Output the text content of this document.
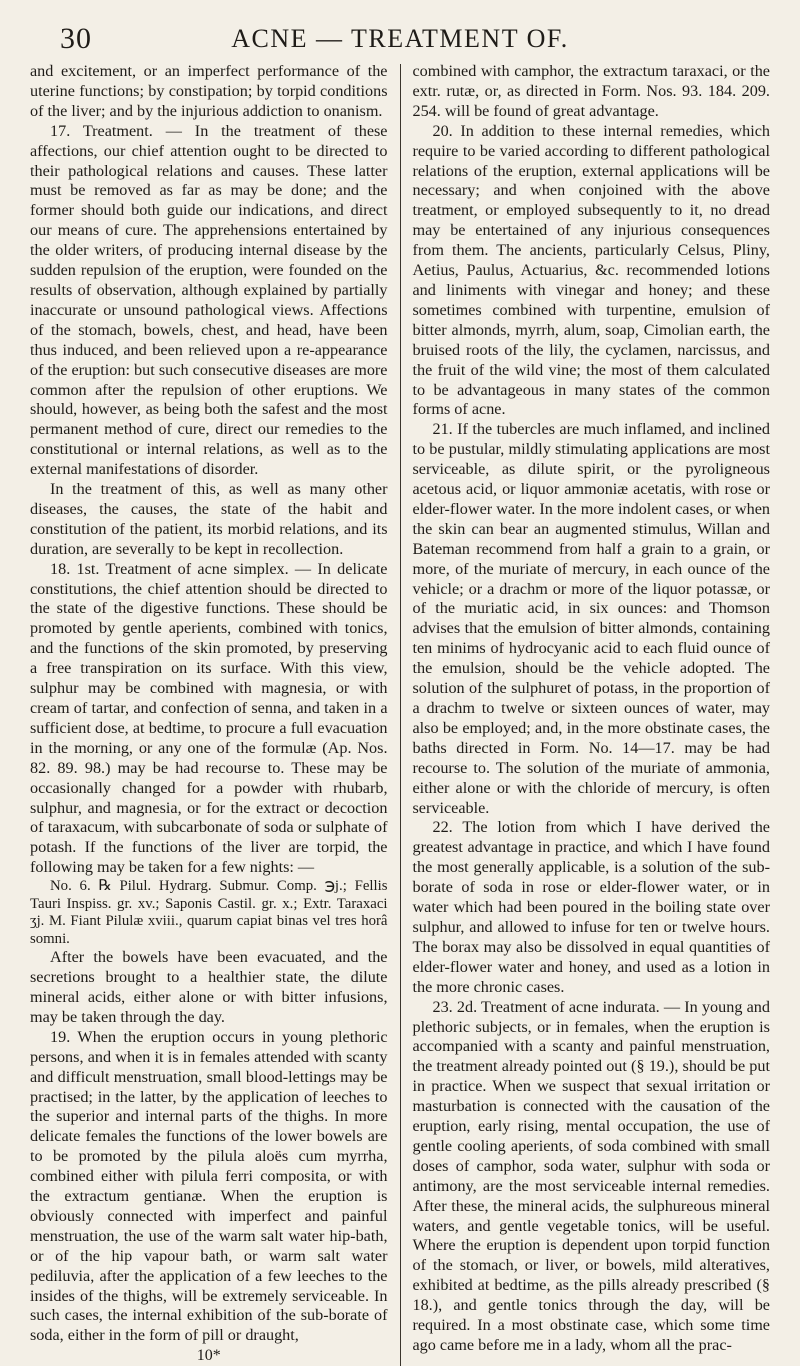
30	ACNE — TREATMENT OF.

and excitement, or an imperfect performance of the uterine functions; by constipation; by torpid conditions of the liver; and by the injurious addiction to onanism.

17. Treatment. — In the treatment of these affections, our chief attention ought to be directed to their pathological relations and causes. These latter must be removed as far as may be done; and the former should both guide our indications, and direct our means of cure. The apprehensions entertained by the older writers, of producing internal disease by the sudden repulsion of the eruption, were founded on the results of observation, although explained by partially inaccurate or unsound pathological views. Affections of the stomach, bowels, chest, and head, have been thus induced, and been relieved upon a re-appearance of the eruption: but such consecutive diseases are more common after the repulsion of other eruptions. We should, however, as being both the safest and the most permanent method of cure, direct our remedies to the constitutional or internal relations, as well as to the external manifestations of disorder.

In the treatment of this, as well as many other diseases, the causes, the state of the habit and constitution of the patient, its morbid relations, and its duration, are severally to be kept in recollection.

18. 1st. Treatment of acne simplex. — In delicate constitutions, the chief attention should be directed to the state of the digestive functions. These should be promoted by gentle aperients, combined with tonics, and the functions of the skin promoted, by preserving a free transpiration on its surface. With this view, sulphur may be combined with magnesia, or with cream of tartar, and confection of senna, and taken in a sufficient dose, at bedtime, to procure a full evacuation in the morning, or any one of the formulæ (Ap. Nos. 82. 89. 98.) may be had recourse to. These may be occasionally changed for a powder with rhubarb, sulphur, and magnesia, or for the extract or decoction of taraxacum, with subcarbonate of soda or sulphate of potash. If the functions of the liver are torpid, the following may be taken for a few nights: —

No. 6. ℞ Pilul. Hydrarg. Submur. Comp. ℈j.; Fellis Tauri Inspiss. gr. xv.; Saponis Castil. gr. x.; Extr. Taraxaci ʒj. M. Fiant Pilulæ xviii., quarum capiat binas vel tres horâ somni.

After the bowels have been evacuated, and the secretions brought to a healthier state, the dilute mineral acids, either alone or with bitter infusions, may be taken through the day.

19. When the eruption occurs in young plethoric persons, and when it is in females attended with scanty and difficult menstruation, small blood-lettings may be practised; in the latter, by the application of leeches to the superior and internal parts of the thighs. In more delicate females the functions of the lower bowels are to be promoted by the pilula aloës cum myrrha, combined either with pilula ferri composita, or with the extractum gentianæ. When the eruption is obviously connected with imperfect and painful menstruation, the use of the warm salt water hip-bath, or of the hip vapour bath, or warm salt water pediluvia, after the application of a few leeches to the insides of the thighs, will be extremely serviceable. In such cases, the internal exhibition of the sub-borate of soda, either in the form of pill or draught,

10*

combined with camphor, the extractum taraxaci, or the extr. rutæ, or, as directed in Form. Nos. 93. 184. 209. 254. will be found of great advantage.

20. In addition to these internal remedies, which require to be varied according to different pathological relations of the eruption, external applications will be necessary; and when conjoined with the above treatment, or employed subsequently to it, no dread may be entertained of any injurious consequences from them. The ancients, particularly Celsus, Pliny, Aetius, Paulus, Actuarius, &c. recommended lotions and liniments with vinegar and honey; and these sometimes combined with turpentine, emulsion of bitter almonds, myrrh, alum, soap, Cimolian earth, the bruised roots of the lily, the cyclamen, narcissus, and the fruit of the wild vine; the most of them calculated to be advantageous in many states of the common forms of acne.

21. If the tubercles are much inflamed, and inclined to be pustular, mildly stimulating applications are most serviceable, as dilute spirit, or the pyroligneous acetous acid, or liquor ammoniæ acetatis, with rose or elder-flower water. In the more indolent cases, or when the skin can bear an augmented stimulus, Willan and Bateman recommend from half a grain to a grain, or more, of the muriate of mercury, in each ounce of the vehicle; or a drachm or more of the liquor potassæ, or of the muriatic acid, in six ounces: and Thomson advises that the emulsion of bitter almonds, containing ten minims of hydrocyanic acid to each fluid ounce of the emulsion, should be the vehicle adopted. The solution of the sulphuret of potass, in the proportion of a drachm to twelve or sixteen ounces of water, may also be employed; and, in the more obstinate cases, the baths directed in Form. No. 14—17. may be had recourse to. The solution of the muriate of ammonia, either alone or with the chloride of mercury, is often serviceable.

22. The lotion from which I have derived the greatest advantage in practice, and which I have found the most generally applicable, is a solution of the sub-borate of soda in rose or elder-flower water, or in water which had been poured in the boiling state over sulphur, and allowed to infuse for ten or twelve hours. The borax may also be dissolved in equal quantities of elder-flower water and honey, and used as a lotion in the more chronic cases.

23. 2d. Treatment of acne indurata. — In young and plethoric subjects, or in females, when the eruption is accompanied with a scanty and painful menstruation, the treatment already pointed out (§ 19.), should be put in practice. When we suspect that sexual irritation or masturbation is connected with the causation of the eruption, early rising, mental occupation, the use of gentle cooling aperients, of soda combined with small doses of camphor, soda water, sulphur with soda or antimony, are the most serviceable internal remedies. After these, the mineral acids, the sulphureous mineral waters, and gentle vegetable tonics, will be useful. Where the eruption is dependent upon torpid function of the stomach, or liver, or bowels, mild alteratives, exhibited at bedtime, as the pills already prescribed (§ 18.), and gentle tonics through the day, will be required. In a most obstinate case, which some time ago came before me in a lady, whom all the prac-
